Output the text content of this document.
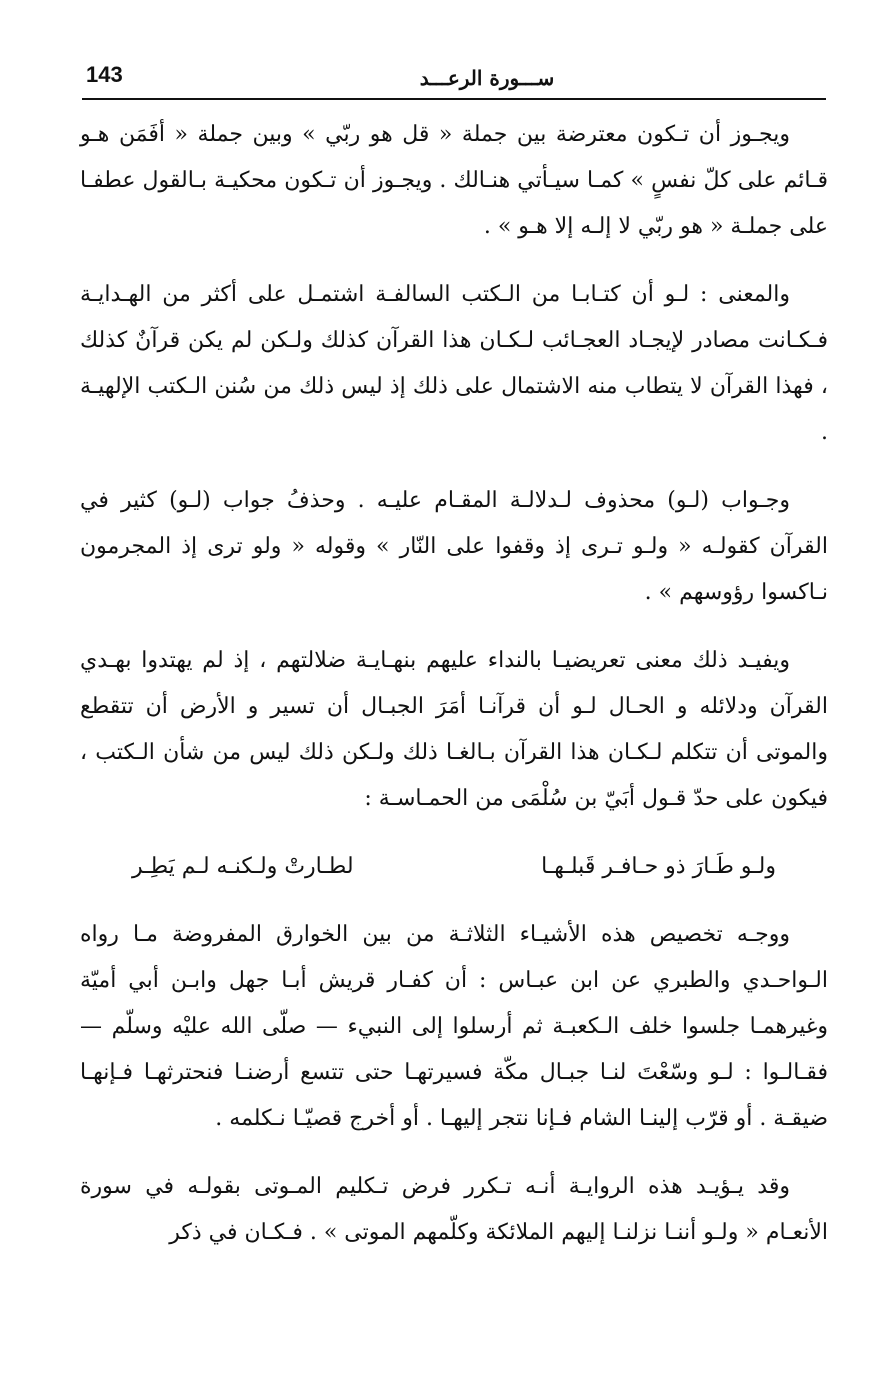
143	ســـورة الرعـــد

ويجـوز أن تـكون معترضة بين جملة « قل هو ربّي » وبين جملة « أفَمَن هـو قـائم على كلّ نفسٍ » كمـا سيـأتي هنـالك . ويجـوز أن تـكون محكيـة بـالقول عطفـا على جملـة « هو ربّي لا إلـه إلا هـو » .

والمعنى : لـو أن كتـابـا من الـكتب السالفـة اشتمـل على أكثر من الهـدايـة فـكـانت مصادر لإيجـاد العجـائب لـكـان هذا القرآن كذلك ولـكن لم يكن قرآنٌ كذلك ، فهذا القرآن لا يتطاب منه الاشتمال على ذلك إذ ليس ذلك من سُنن الـكتب الإلهيـة .

وجـواب (لـو) محذوف لـدلالـة المقـام عليـه . وحذفُ جواب (لـو) كثير في القرآن كقولـه « ولـو تـرى إذ وقفوا على النّار » وقوله « ولو ترى إذ المجرمون نـاكسوا رؤوسهم » .

ويفيـد ذلك معنى تعريضيـا بالنداء عليهم بنهـايـة ضلالتهم ، إذ لم يهتدوا بهـدي القرآن ودلائله و الحـال لـو أن قرآنـا أمَرَ الجبـال أن تسير و الأرض أن تتقطع والموتى أن تتكلم لـكـان هذا القرآن بـالغـا ذلك ولـكن ذلك ليس من شأن الـكتب ، فيكون على حدّ قـول أبَيّ بن سُلْمَى من الحمـاسـة :

ولـو طَـارَ ذو حـافـر قَبلـهـا
لطـارتْ ولـكنـه لـم يَطِـر

ووجـه تخصيص هذه الأشيـاء الثلاثـة من بين الخوارق المفروضة مـا رواه الـواحـدي والطبري عن ابن عبـاس : أن كفـار قريش أبـا جهل وابـن أبي أميّة وغيرهمـا جلسوا خلف الـكعبـة ثم أرسلوا إلى النبيء — صلّى الله عليْه وسلّم — فقـالـوا : لـو وسّعْتَ لنـا جبـال مكّة فسيرتهـا حتى تتسع أرضنـا فنحترثهـا فـإنهـا ضيقـة . أو قرّب إلينـا الشام فـإنا نتجر إليهـا . أو أخرج قصيّـا نـكلمه .

وقد يـؤيـد هذه الروايـة أنـه تـكرر فرض تـكليم المـوتى بقولـه في سورة الأنعـام « ولـو أننـا نزلنـا إليهم الملائكة وكلّمهم الموتى » . فـكـان في ذكر
